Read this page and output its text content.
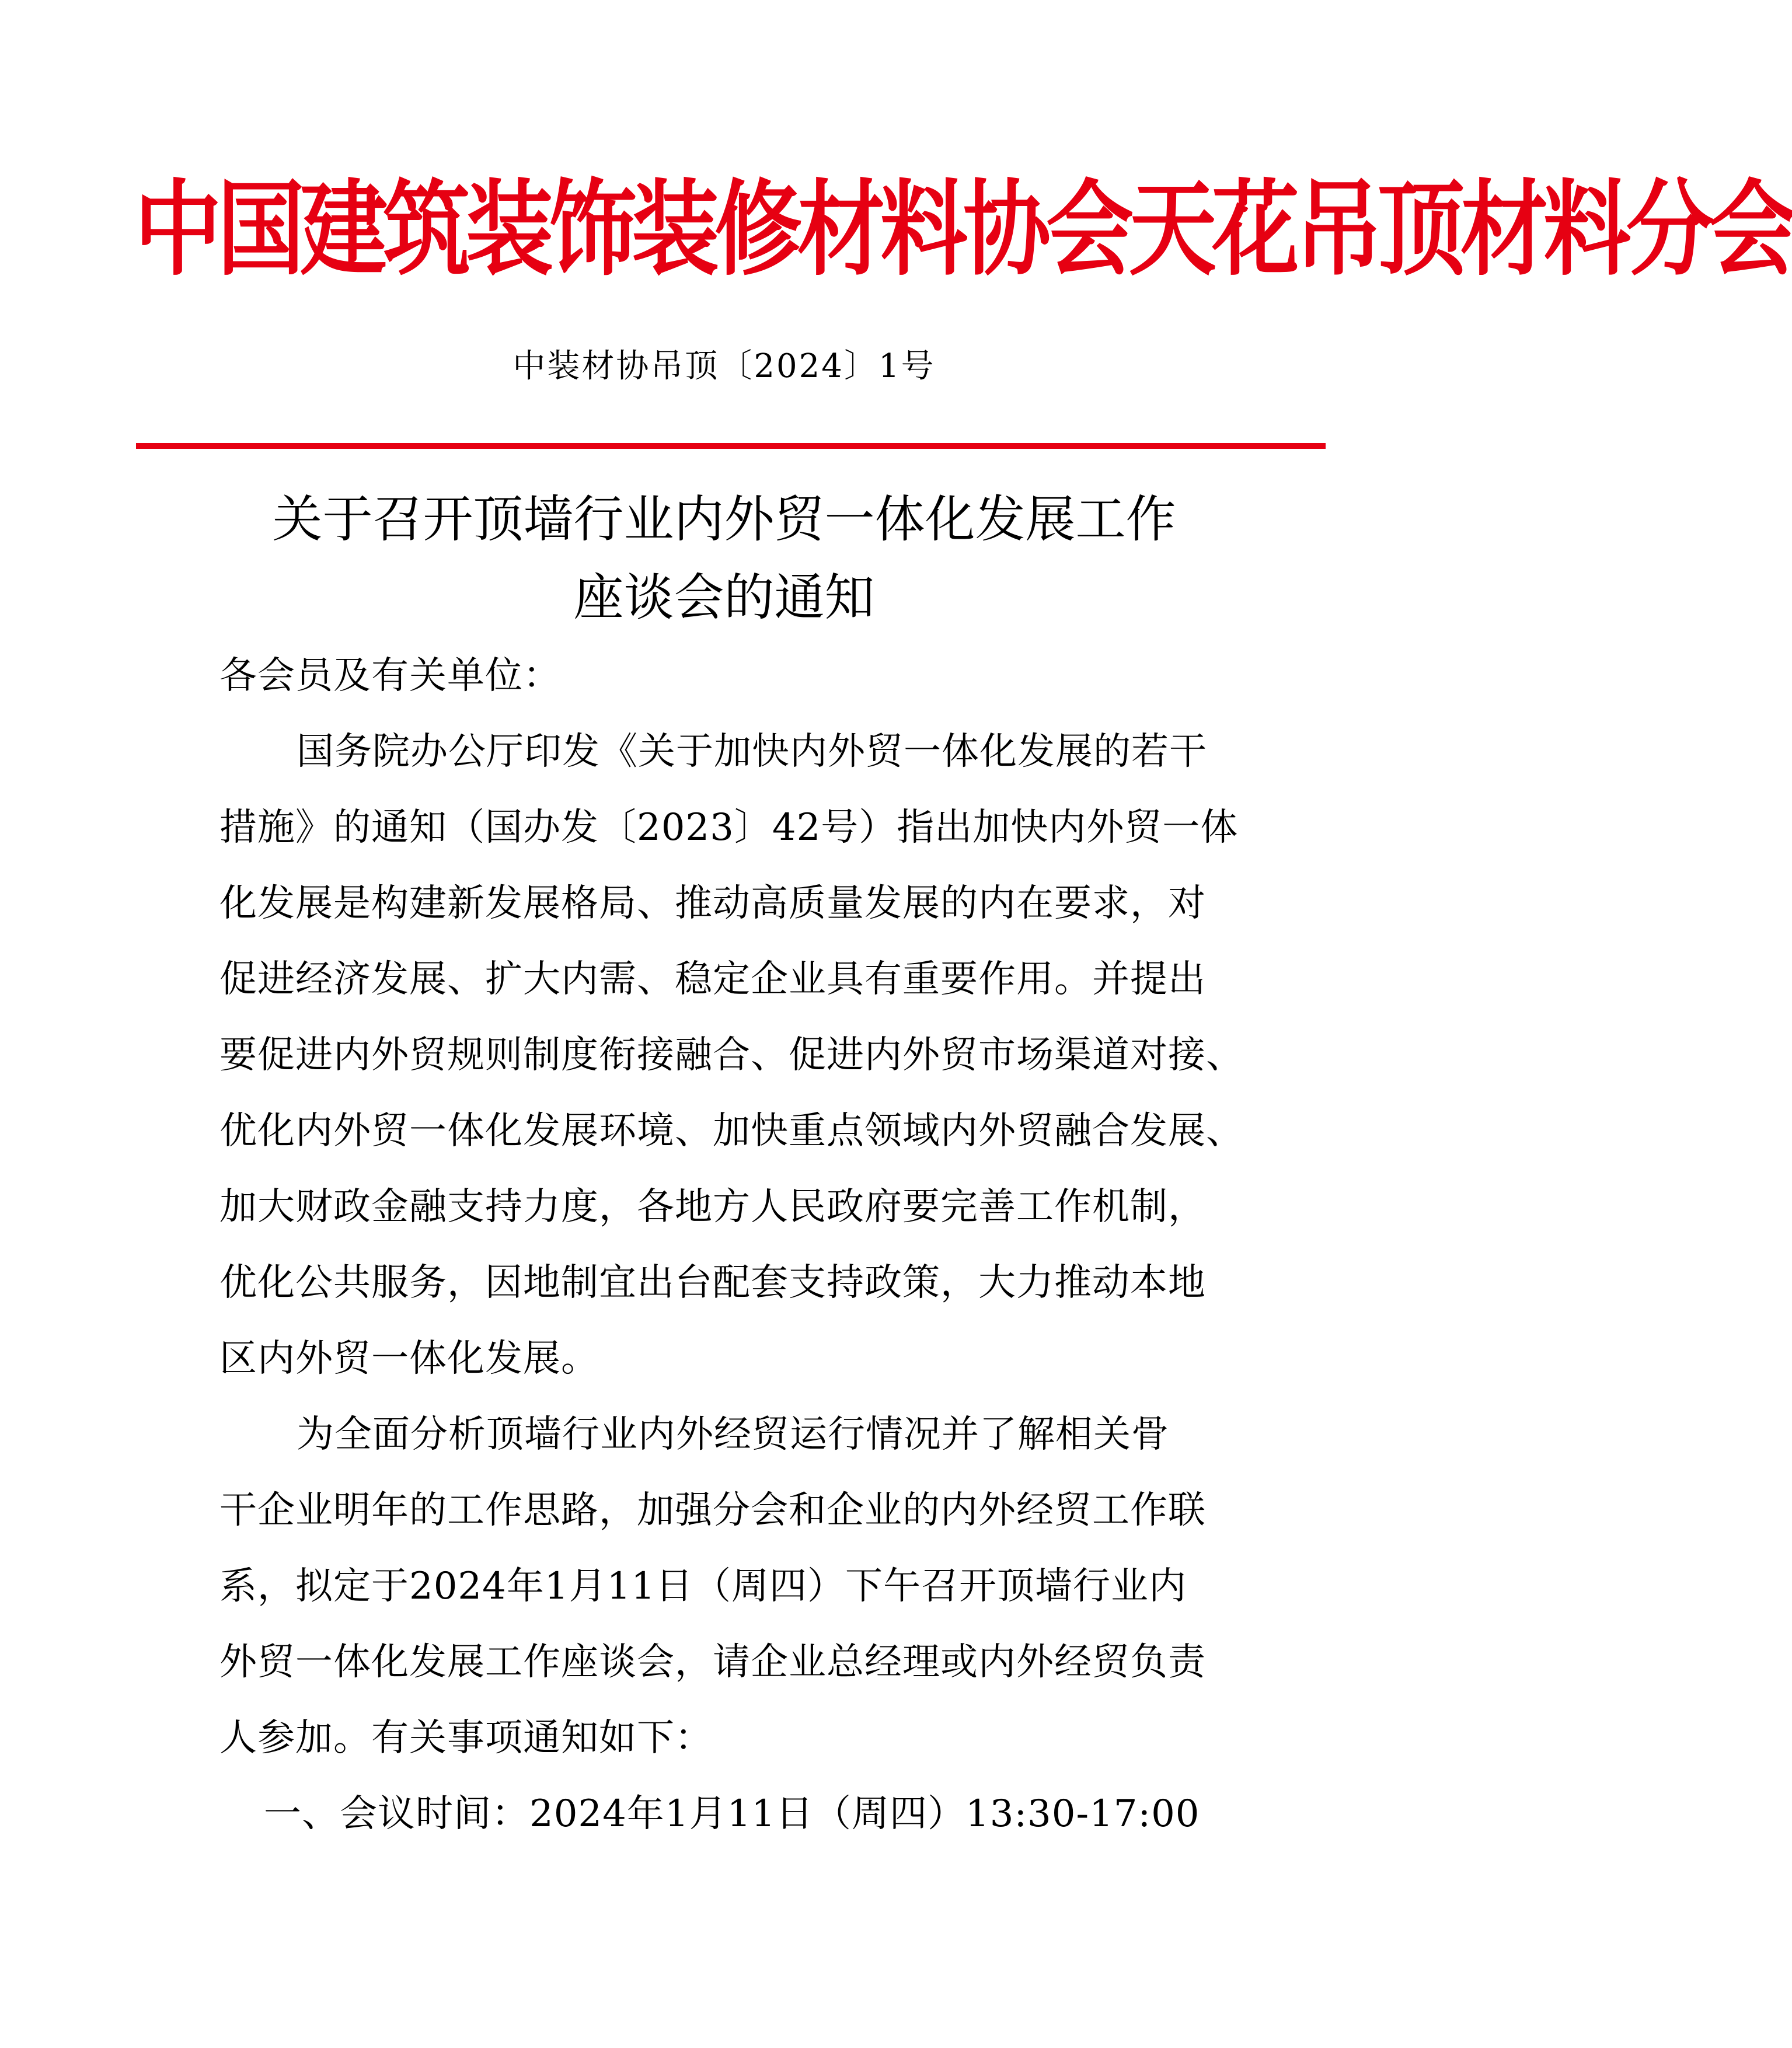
中国建筑装饰装修材料协会天花吊顶材料分会
中装材协吊顶〔2024〕1号
关于召开顶墙行业内外贸一体化发展工作
座谈会的通知
各会员及有关单位：
国务院办公厅印发《关于加快内外贸一体化发展的若干
措施》的通知（国办发〔2023〕42号）指出加快内外贸一体
化发展是构建新发展格局、推动高质量发展的内在要求，对
促进经济发展、扩大内需、稳定企业具有重要作用。并提出
要促进内外贸规则制度衔接融合、促进内外贸市场渠道对接、
优化内外贸一体化发展环境、加快重点领域内外贸融合发展、
加大财政金融支持力度，各地方人民政府要完善工作机制，
优化公共服务，因地制宜出台配套支持政策，大力推动本地
区内外贸一体化发展。
为全面分析顶墙行业内外经贸运行情况并了解相关骨
干企业明年的工作思路，加强分会和企业的内外经贸工作联
系，拟定于2024年1月11日（周四）下午召开顶墙行业内
外贸一体化发展工作座谈会，请企业总经理或内外经贸负责
人参加。有关事项通知如下：
一、会议时间：2024年1月11日（周四）13:30-17:00
